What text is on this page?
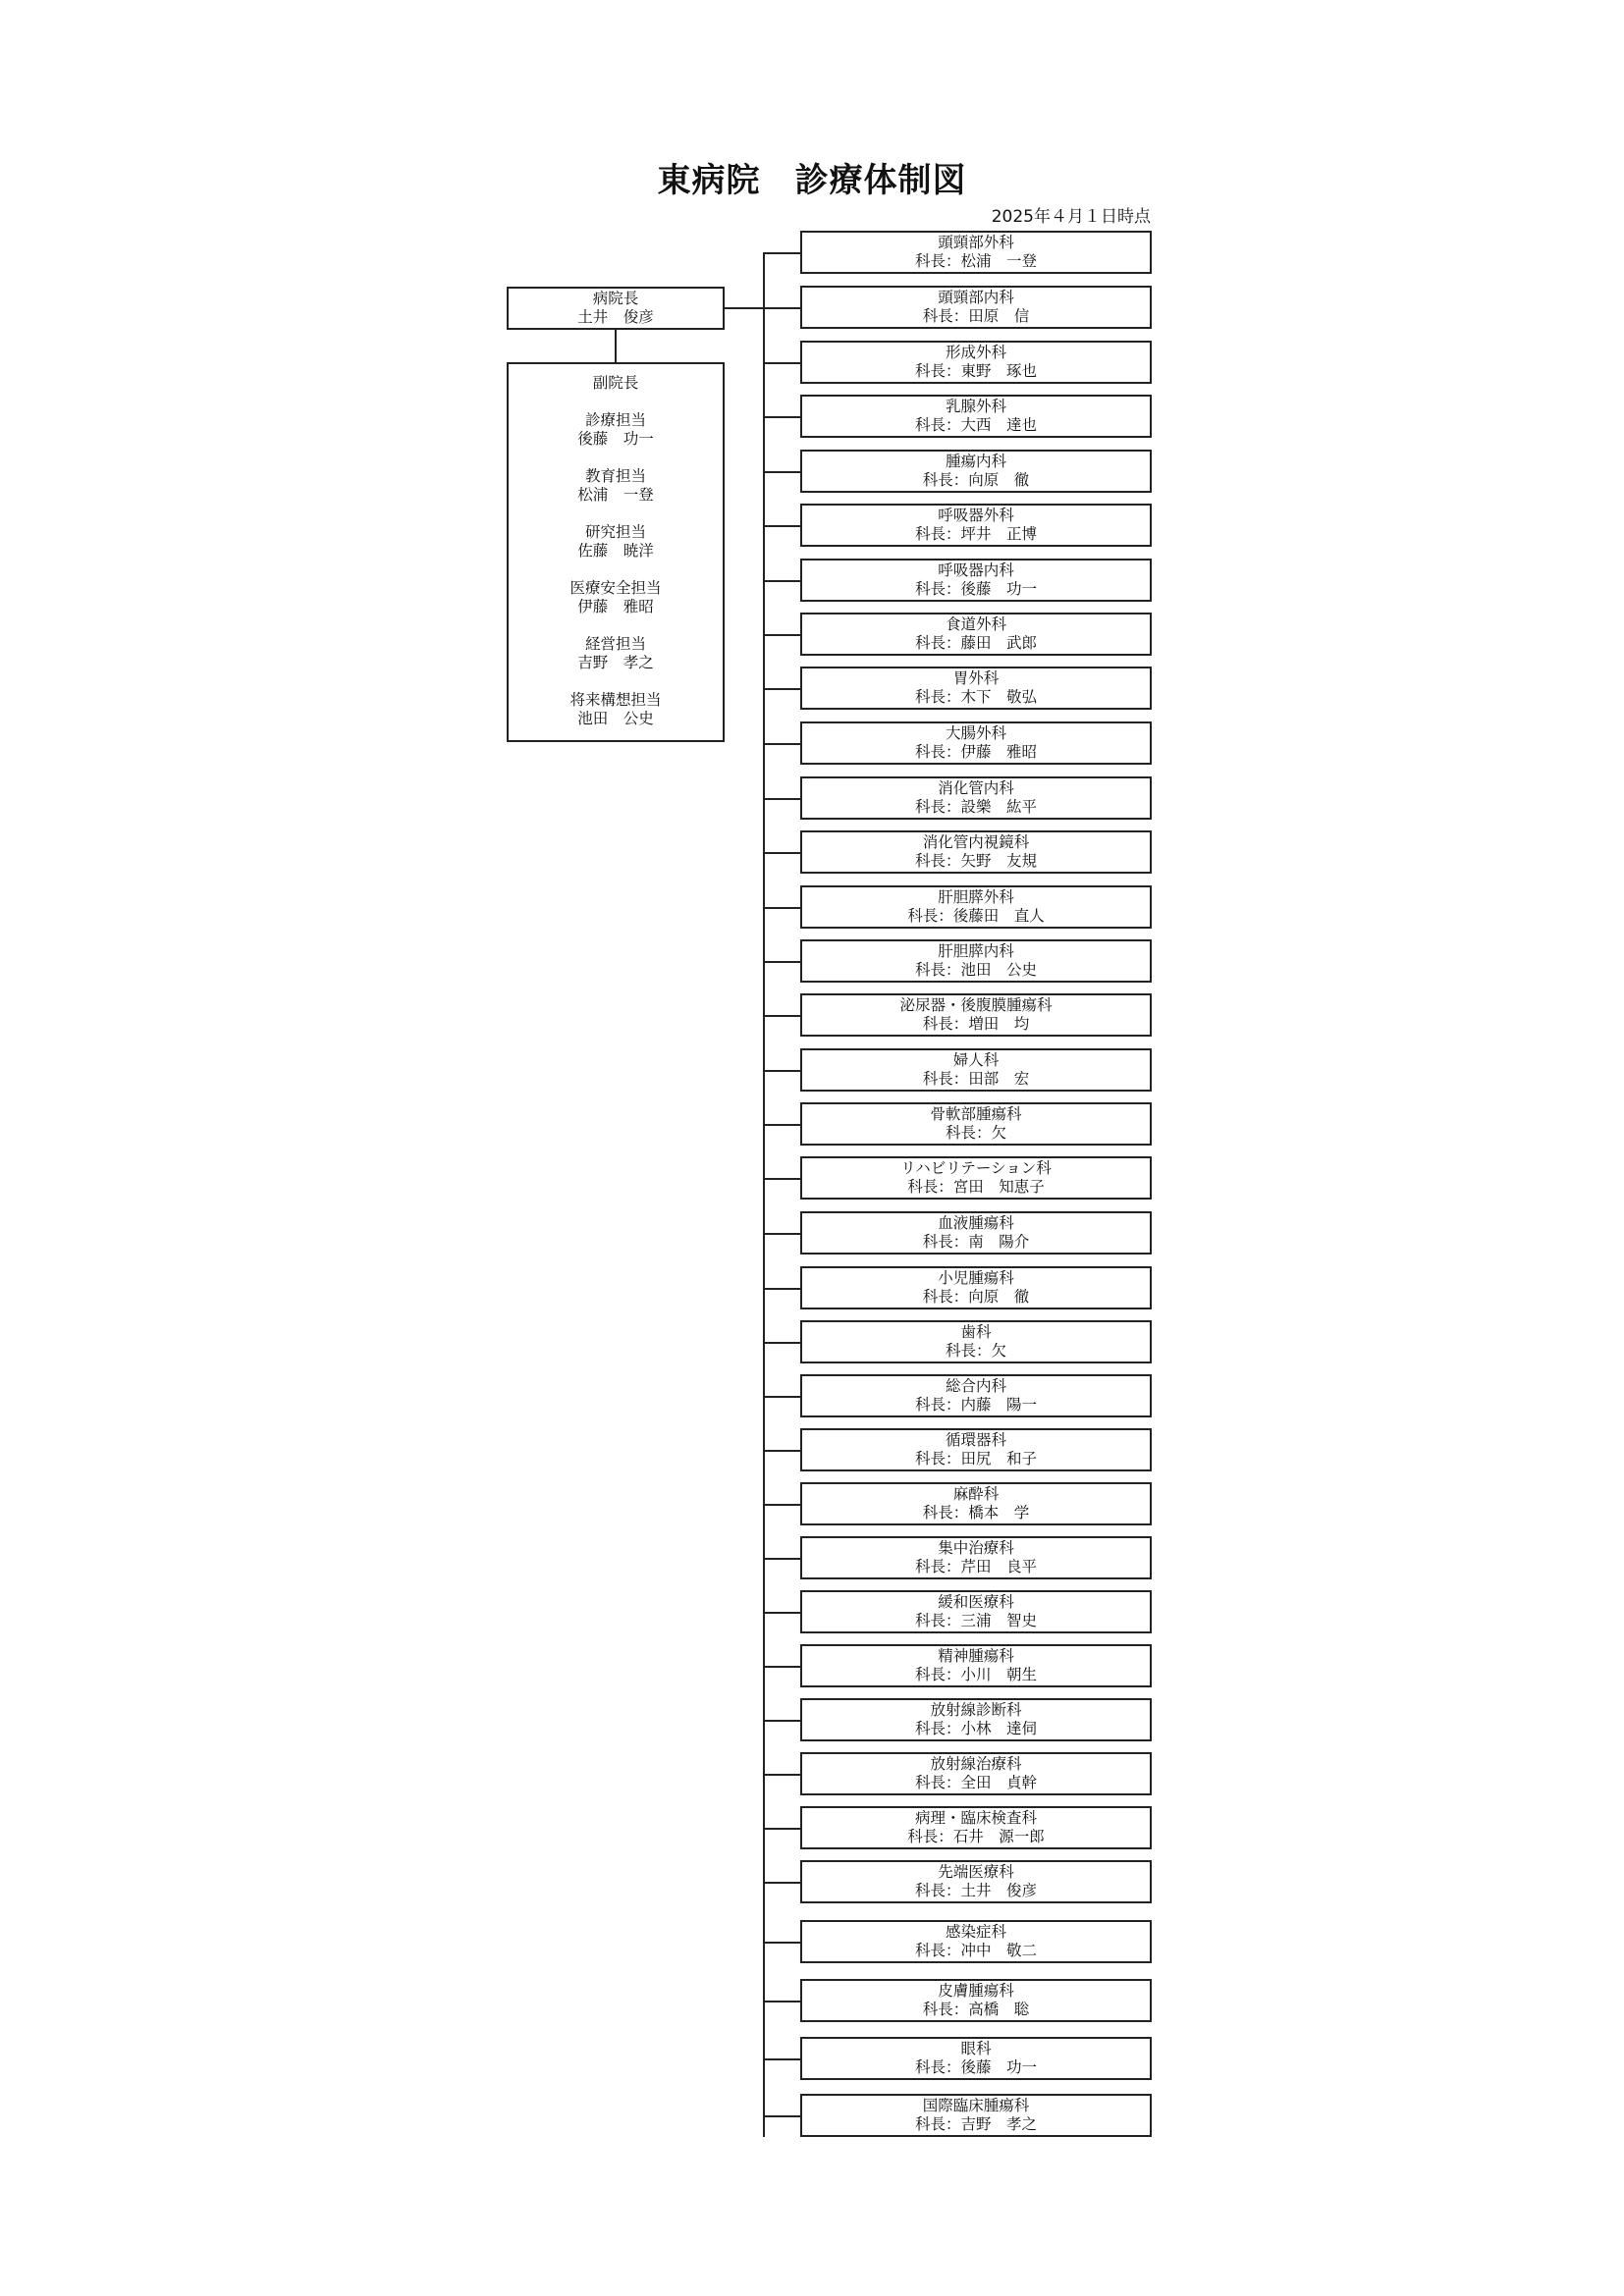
東病院　診療体制図
2025年４月１日時点
病院長
土井　俊彦
副院長
診療担当
後藤　功一
教育担当
松浦　一登
研究担当
佐藤　暁洋
医療安全担当
伊藤　雅昭
経営担当
吉野　孝之
将来構想担当
池田　公史
頭頸部外科
科長：松浦　一登
頭頸部内科
科長：田原　信
形成外科
科長：東野　琢也
乳腺外科
科長：大西　達也
腫瘍内科
科長：向原　徹
呼吸器外科
科長：坪井　正博
呼吸器内科
科長：後藤　功一
食道外科
科長：藤田　武郎
胃外科
科長：木下　敬弘
大腸外科
科長：伊藤　雅昭
消化管内科
科長：設樂　紘平
消化管内視鏡科
科長：矢野　友規
肝胆膵外科
科長：後藤田　直人
肝胆膵内科
科長：池田　公史
泌尿器・後腹膜腫瘍科
科長：増田　均
婦人科
科長：田部　宏
骨軟部腫瘍科
科長：欠
リハビリテーション科
科長：宮田　知恵子
血液腫瘍科
科長：南　陽介
小児腫瘍科
科長：向原　徹
歯科
科長：欠
総合内科
科長：内藤　陽一
循環器科
科長：田尻　和子
麻酔科
科長：橋本　学
集中治療科
科長：芹田　良平
緩和医療科
科長：三浦　智史
精神腫瘍科
科長：小川　朝生
放射線診断科
科長：小林　達伺
放射線治療科
科長：全田　貞幹
病理・臨床検査科
科長：石井　源一郎
先端医療科
科長：土井　俊彦
感染症科
科長：冲中　敬二
皮膚腫瘍科
科長：高橋　聡
眼科
科長：後藤　功一
国際臨床腫瘍科
科長：吉野　孝之
